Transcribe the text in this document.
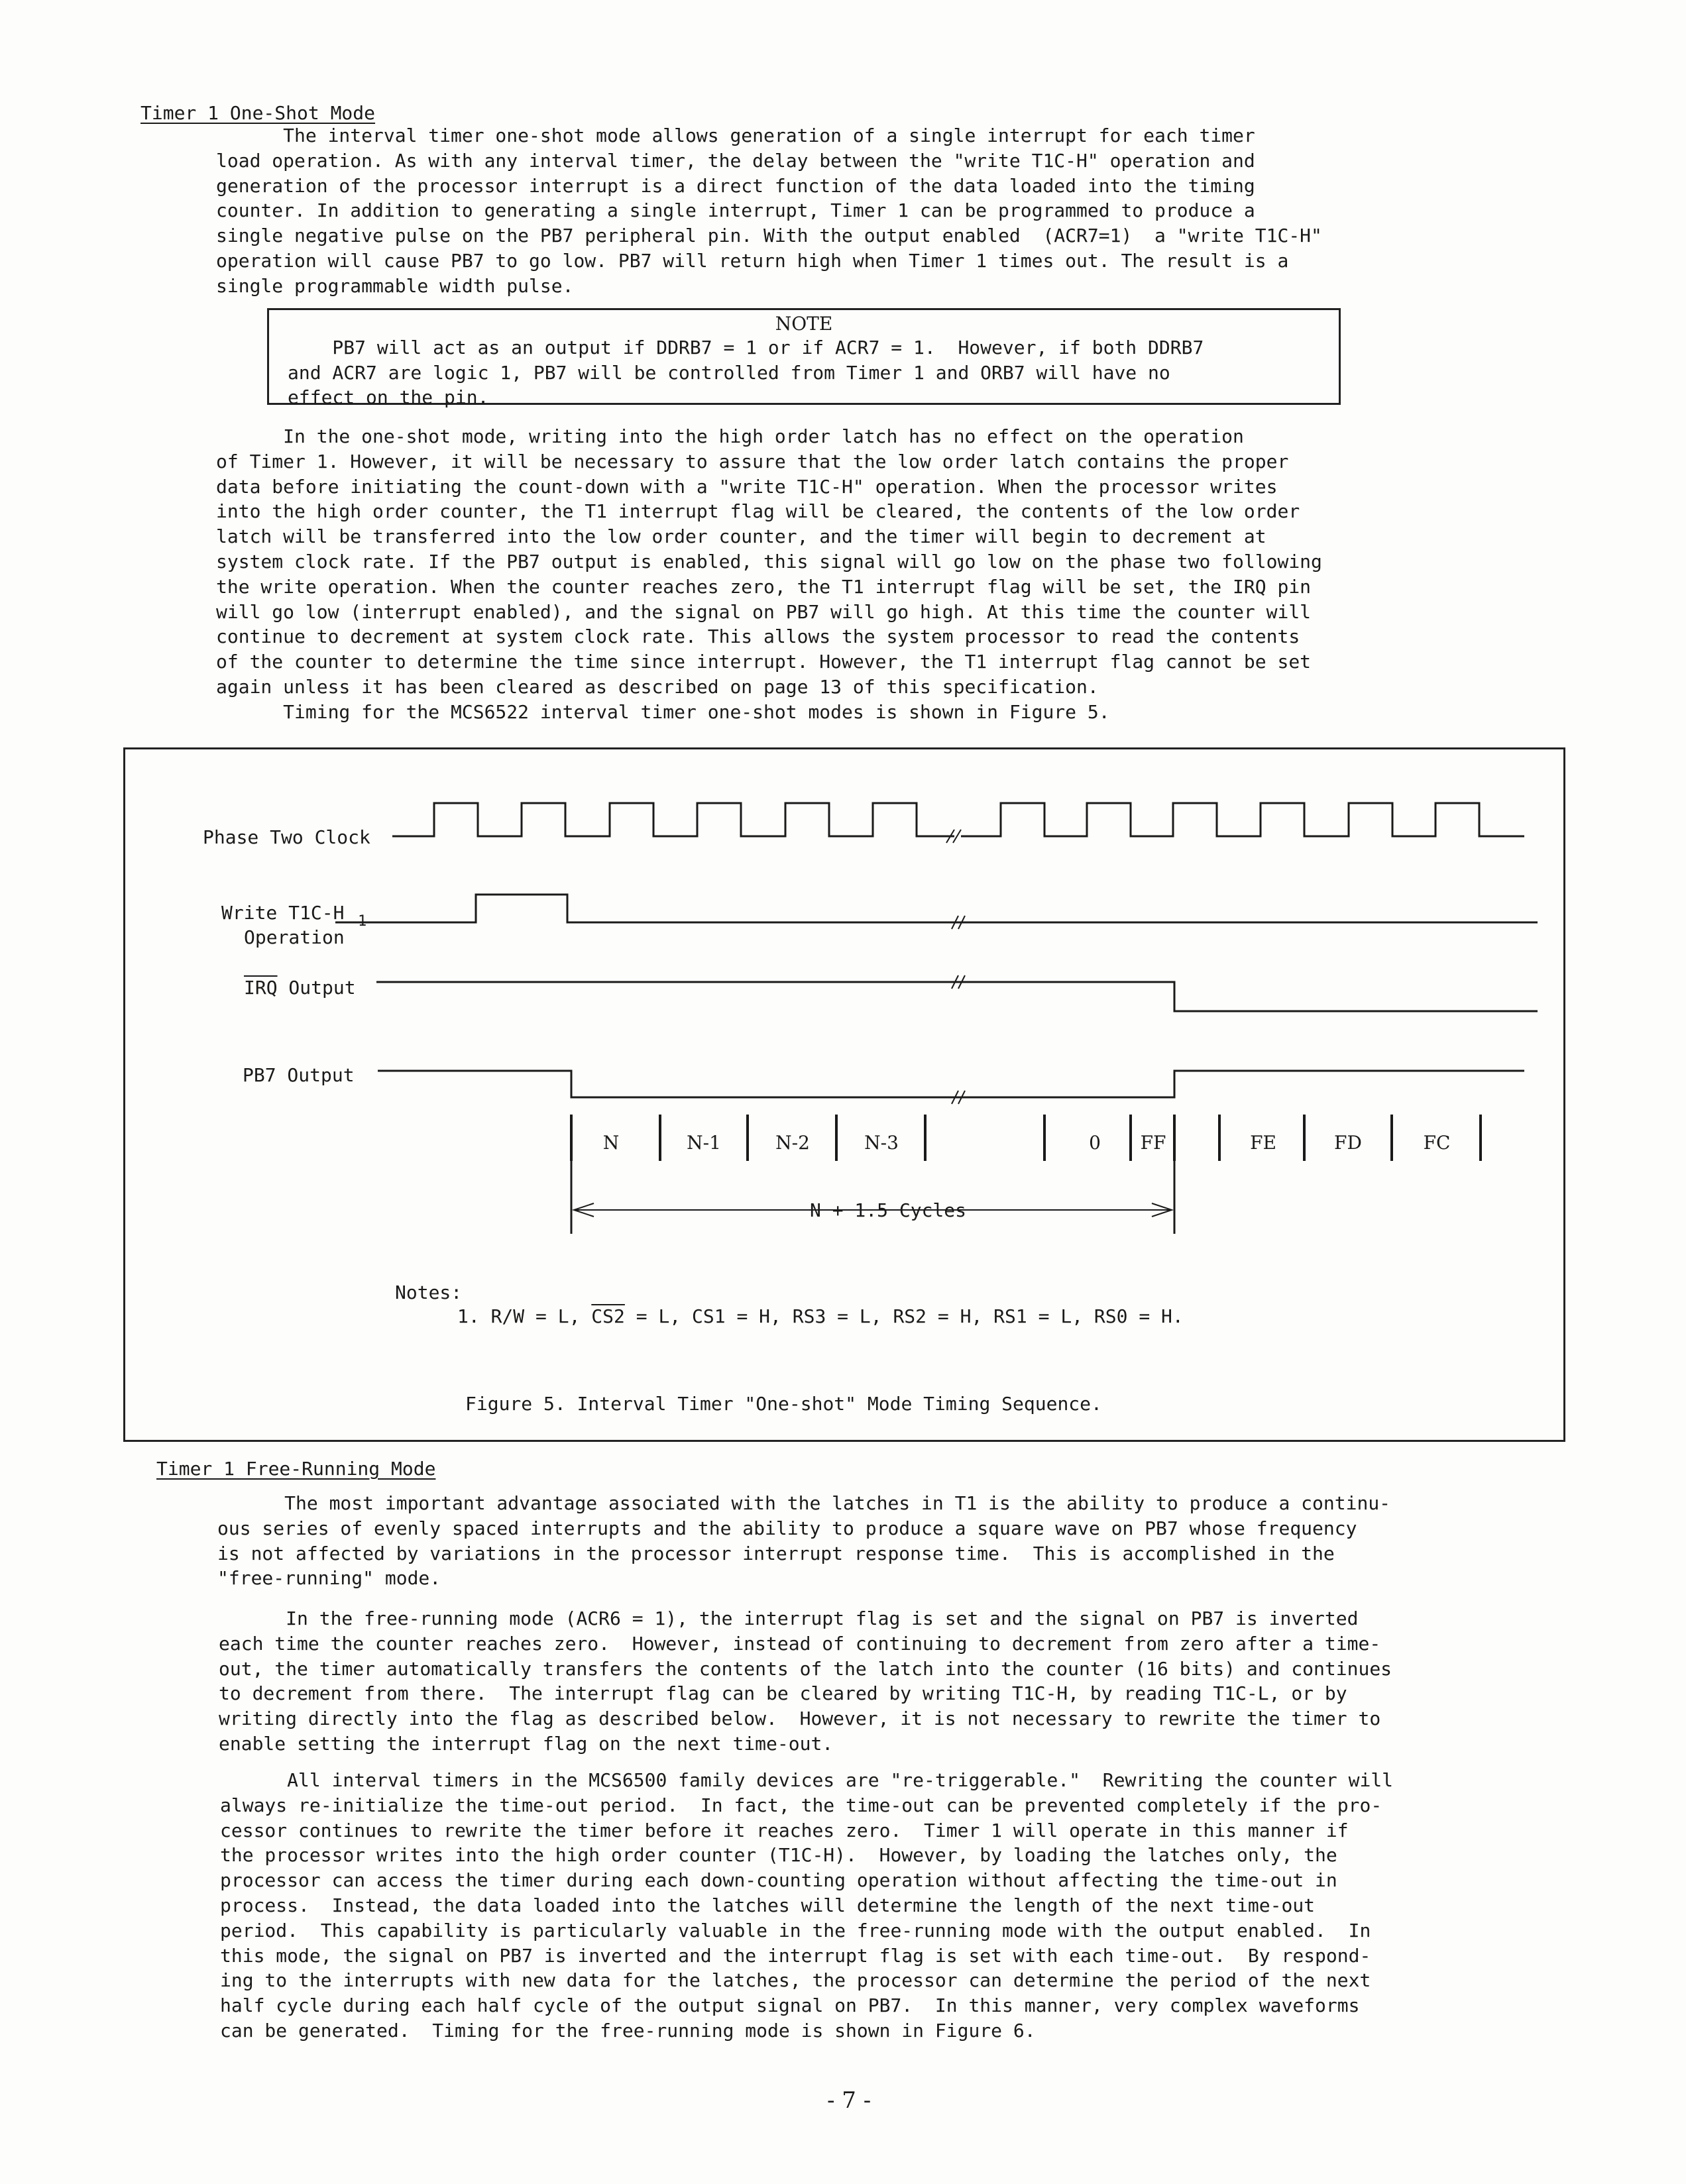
Timer 1 One-Shot Mode
The interval timer one-shot mode allows generation of a single interrupt for each timer
load operation. As with any interval timer, the delay between the "write T1C-H" operation and
generation of the processor interrupt is a direct function of the data loaded into the timing
counter. In addition to generating a single interrupt, Timer 1 can be programmed to produce a
single negative pulse on the PB7 peripheral pin. With the output enabled  (ACR7=1)  a "write T1C-H"
operation will cause PB7 to go low. PB7 will return high when Timer 1 times out. The result is a
single programmable width pulse.
NOTE
PB7 will act as an output if DDRB7 = 1 or if ACR7 = 1.  However, if both DDRB7
and ACR7 are logic 1, PB7 will be controlled from Timer 1 and ORB7 will have no
effect on the pin.
In the one-shot mode, writing into the high order latch has no effect on the operation
of Timer 1. However, it will be necessary to assure that the low order latch contains the proper
data before initiating the count-down with a "write T1C-H" operation. When the processor writes
into the high order counter, the T1 interrupt flag will be cleared, the contents of the low order
latch will be transferred into the low order counter, and the timer will begin to decrement at
system clock rate. If the PB7 output is enabled, this signal will go low on the phase two following
the write operation. When the counter reaches zero, the T1 interrupt flag will be set, the IRQ pin
will go low (interrupt enabled), and the signal on PB7 will go high. At this time the counter will
continue to decrement at system clock rate. This allows the system processor to read the contents
of the counter to determine the time since interrupt. However, the T1 interrupt flag cannot be set
again unless it has been cleared as described on page 13 of this specification.
Timing for the MCS6522 interval timer one-shot modes is shown in Figure 5.
Phase Two Clock
Write T1C-H 1
Operation
$\overline{IRQ}$ Output
PB7 Output
N	N-1	N-2	N-3	0	FF	FE	FD	FC
N + 1.5 Cycles
Notes:
1. R/W = L, CS2 = L, CS1 = H, RS3 = L, RS2 = H, RS1 = L, RS0 = H.
Figure 5. Interval Timer "One-shot" Mode Timing Sequence.
Timer 1 Free-Running Mode
The most important advantage associated with the latches in T1 is the ability to produce a continu-
ous series of evenly spaced interrupts and the ability to produce a square wave on PB7 whose frequency
is not affected by variations in the processor interrupt response time.  This is accomplished in the
"free-running" mode.
In the free-running mode (ACR6 = 1), the interrupt flag is set and the signal on PB7 is inverted
each time the counter reaches zero.  However, instead of continuing to decrement from zero after a time-
out, the timer automatically transfers the contents of the latch into the counter (16 bits) and continues
to decrement from there.  The interrupt flag can be cleared by writing T1C-H, by reading T1C-L, or by
writing directly into the flag as described below.  However, it is not necessary to rewrite the timer to
enable setting the interrupt flag on the next time-out.
All interval timers in the MCS6500 family devices are "re-triggerable."  Rewriting the counter will
always re-initialize the time-out period.  In fact, the time-out can be prevented completely if the pro-
cessor continues to rewrite the timer before it reaches zero.  Timer 1 will operate in this manner if
the processor writes into the high order counter (T1C-H).  However, by loading the latches only, the
processor can access the timer during each down-counting operation without affecting the time-out in
process.  Instead, the data loaded into the latches will determine the length of the next time-out
period.  This capability is particularly valuable in the free-running mode with the output enabled.  In
this mode, the signal on PB7 is inverted and the interrupt flag is set with each time-out.  By respond-
ing to the interrupts with new data for the latches, the processor can determine the period of the next
half cycle during each half cycle of the output signal on PB7.  In this manner, very complex waveforms
can be generated.  Timing for the free-running mode is shown in Figure 6.
- 7 -
